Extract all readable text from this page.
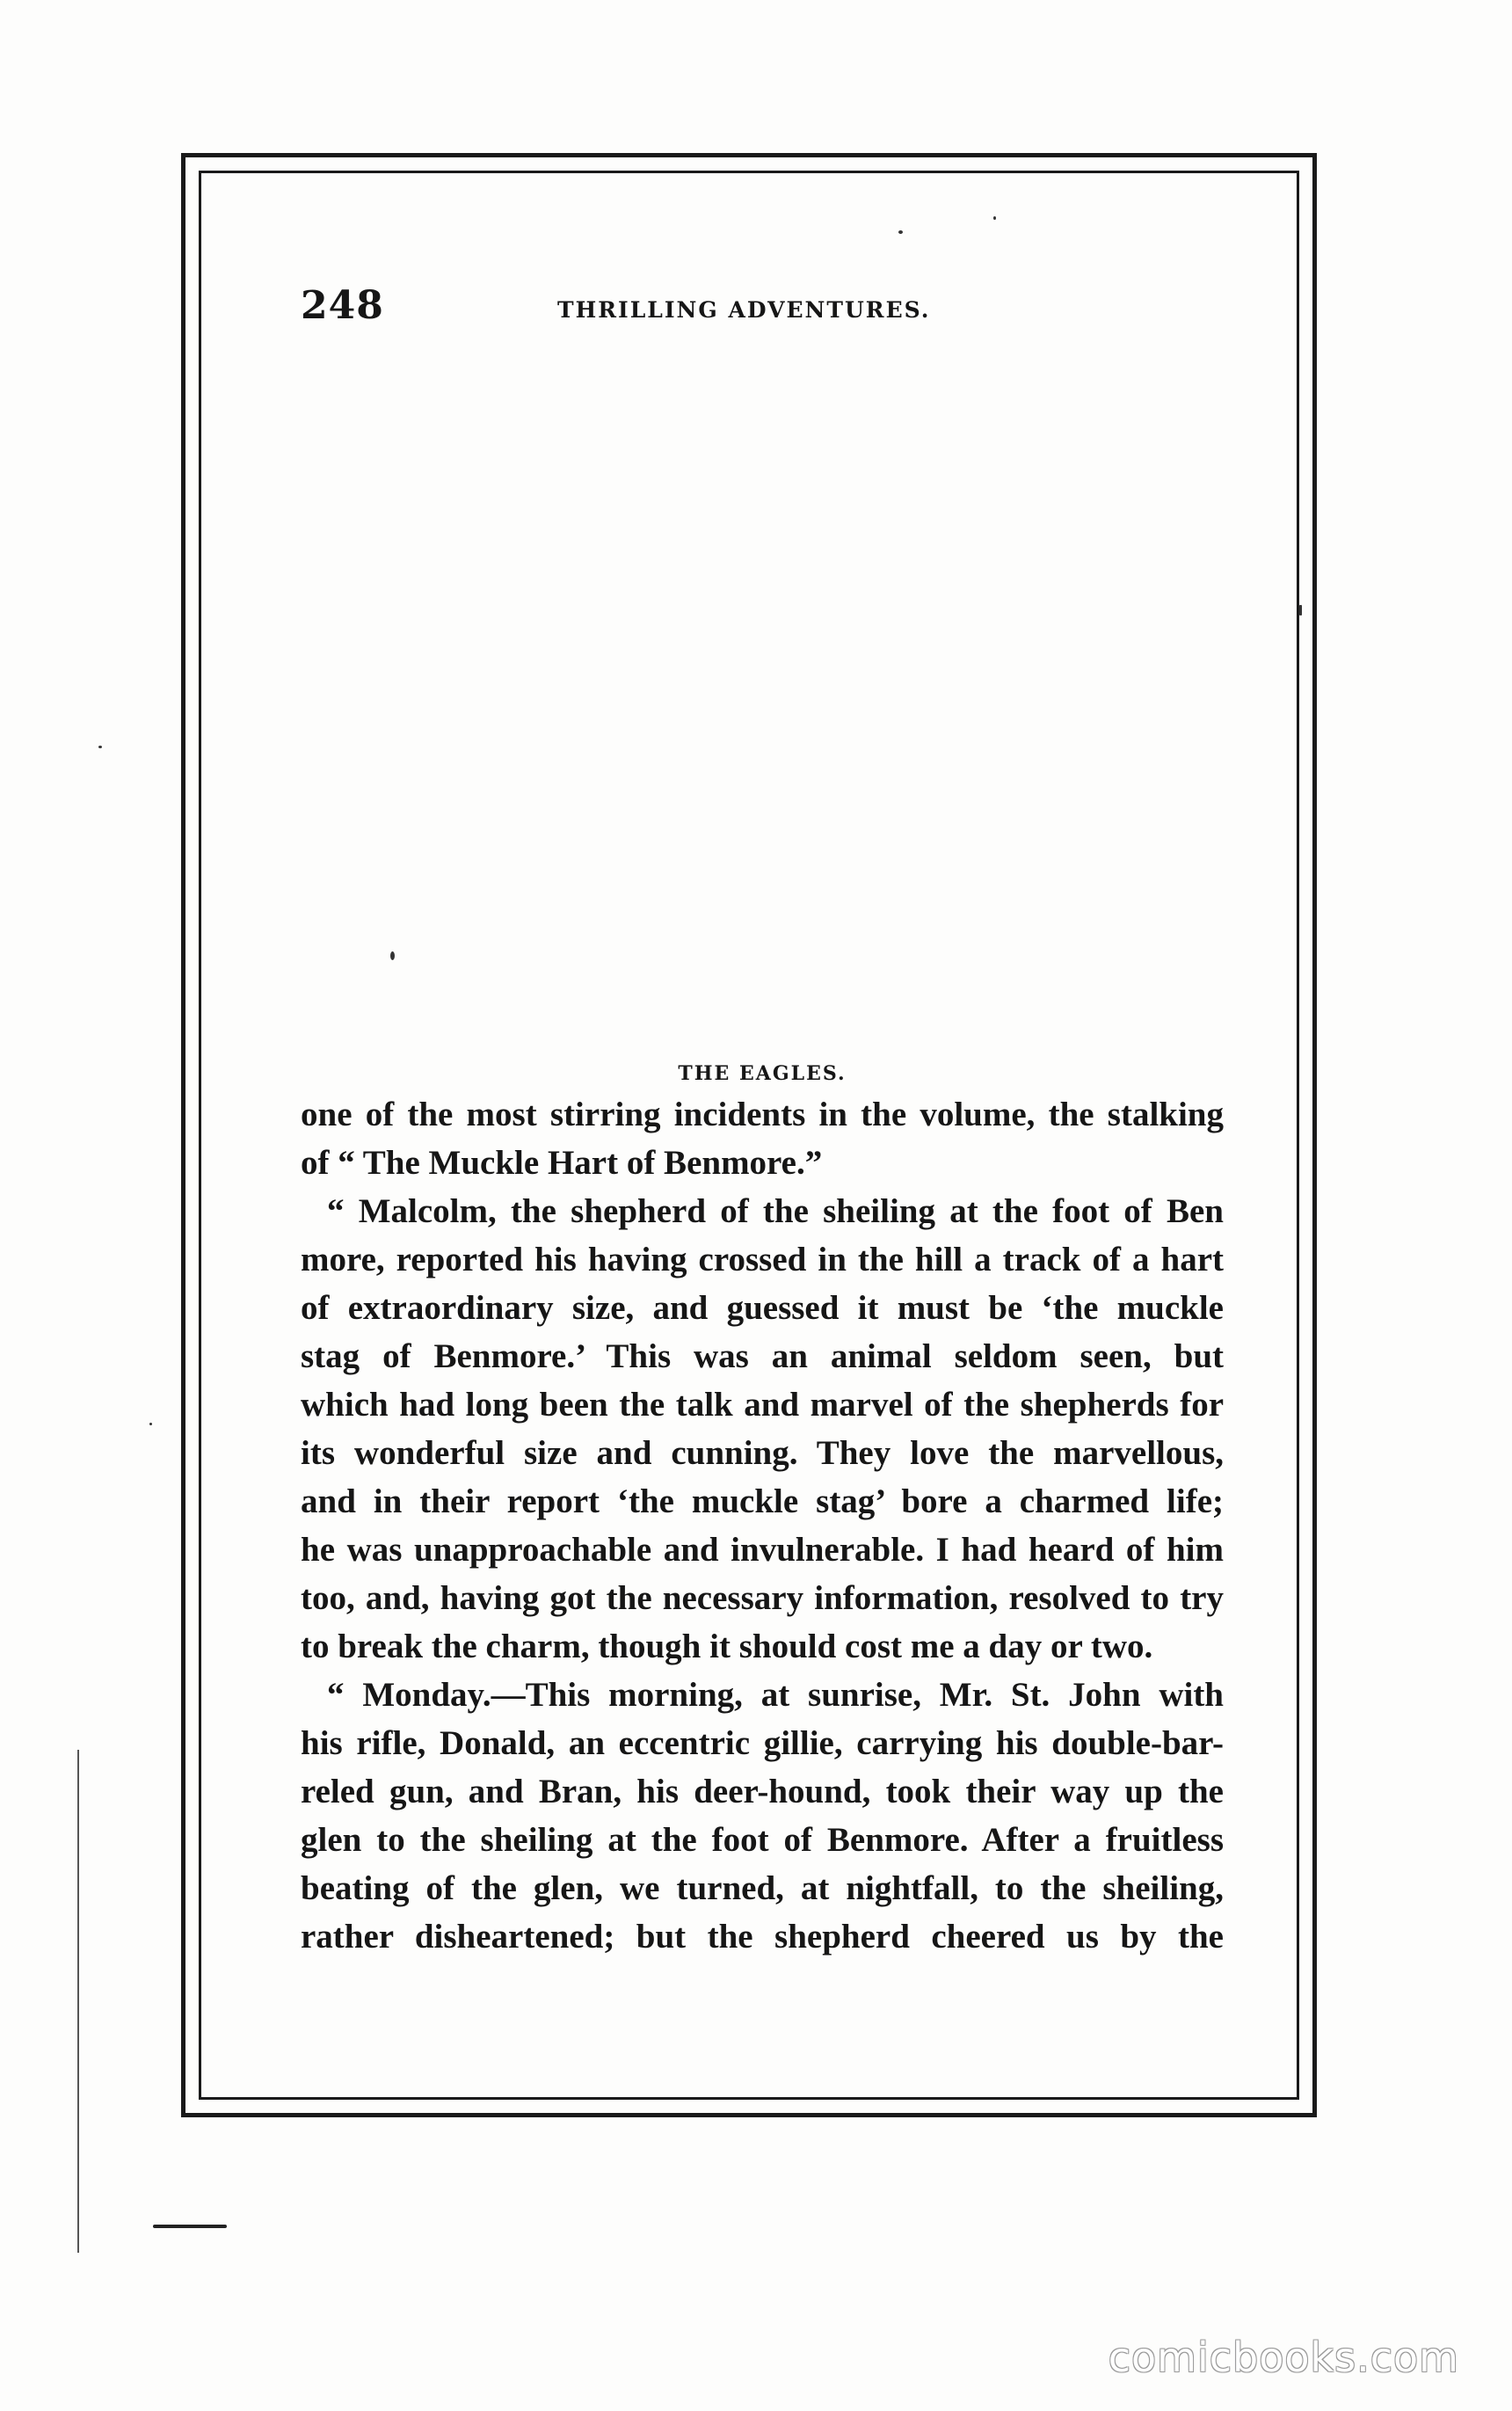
248	THRILLING ADVENTURES.
THE EAGLES.
one of the most stirring incidents in the volume, the stalking
of “ The Muckle Hart of Benmore.”
“ Malcolm, the shepherd of the sheiling at the foot of Ben
more, reported his having crossed in the hill a track of a hart
of extraordinary size, and guessed it must be ‘the muckle
stag of Benmore.’ This was an animal seldom seen, but
which had long been the talk and marvel of the shepherds for
its wonderful size and cunning. They love the marvellous,
and in their report ‘the muckle stag’ bore a charmed life;
he was unapproachable and invulnerable. I had heard of him
too, and, having got the necessary information, resolved to try
to break the charm, though it should cost me a day or two.
“ Monday.—This morning, at sunrise, Mr. St. John with
his rifle, Donald, an eccentric gillie, carrying his double-bar-
reled gun, and Bran, his deer-hound, took their way up the
glen to the sheiling at the foot of Benmore. After a fruitless
beating of the glen, we turned, at nightfall, to the sheiling,
rather disheartened; but the shepherd cheered us by the
comicbooks.com
